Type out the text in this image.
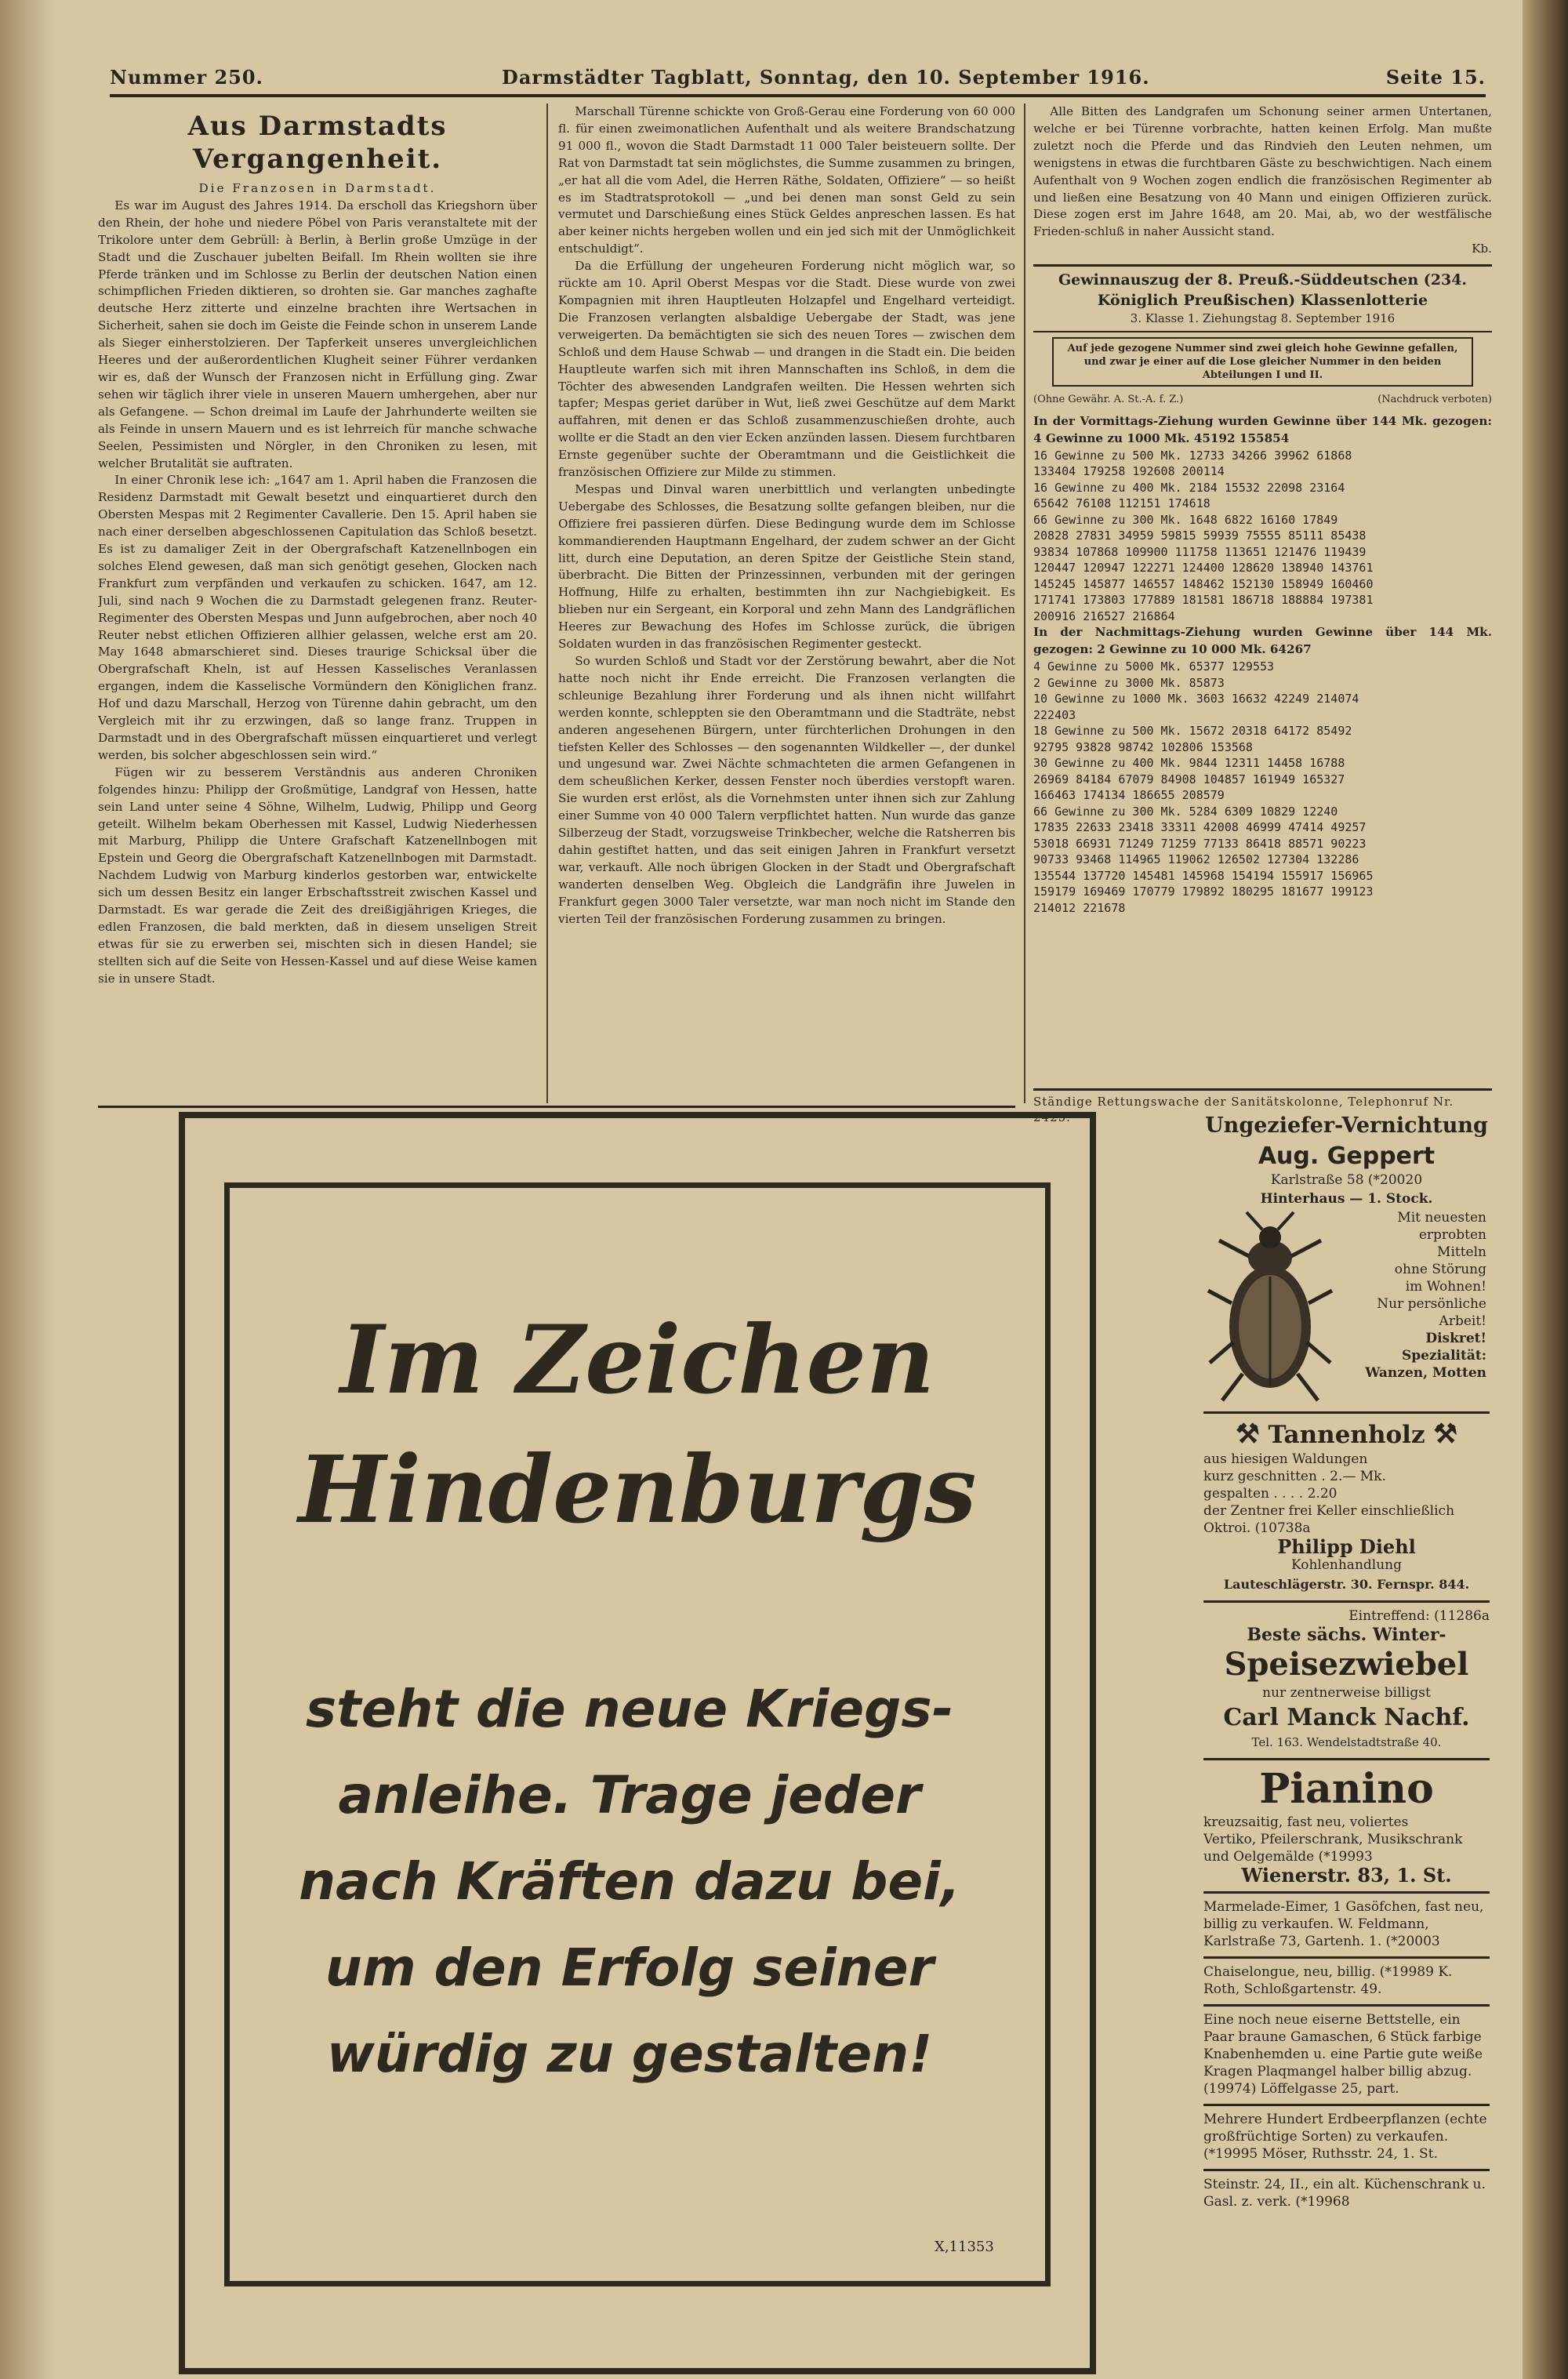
Nummer 250.	Darmstädter Tagblatt, Sonntag, den 10. September 1916.	Seite 15.
Aus Darmstadts Vergangenheit.

Die Franzosen in Darmstadt.

Es war im August des Jahres 1914. Da erscholl das Kriegshorn über den Rhein, der hohe und niedere Pöbel von Paris veranstaltete mit der Trikolore unter dem Gebrüll: à Berlin, à Berlin große Umzüge in der Stadt und die Zuschauer jubelten Beifall. Im Rhein wollten sie ihre Pferde tränken und im Schlosse zu Berlin der deutschen Nation einen schimpflichen Frieden diktieren, so drohten sie. Gar manches zaghafte deutsche Herz zitterte und einzelne brachten ihre Wertsachen in Sicherheit, sahen sie doch im Geiste die Feinde schon in unserem Lande als Sieger einherstolzieren. Der Tapferkeit unseres unvergleichlichen Heeres und der außerordentlichen Klugheit seiner Führer verdanken wir es, daß der Wunsch der Franzosen nicht in Erfüllung ging. Zwar sehen wir täglich ihrer viele in unseren Mauern umhergehen, aber nur als Gefangene. — Schon dreimal im Laufe der Jahrhunderte weilten sie als Feinde in unsern Mauern und es ist lehrreich für manche schwache Seelen, Pessimisten und Nörgler, in den Chroniken zu lesen, mit welcher Brutalität sie auftraten.

In einer Chronik lese ich: „1647 am 1. April haben die Franzosen die Residenz Darmstadt mit Gewalt besetzt und einquartieret durch den Obersten Mespas mit 2 Regimenter Cavallerie. Den 15. April haben sie nach einer derselben abgeschlossenen Capitulation das Schloß besetzt. Es ist zu damaliger Zeit in der Obergrafschaft Katzenellnbogen ein solches Elend gewesen, daß man sich genötigt gesehen, Glocken nach Frankfurt zum verpfänden und verkaufen zu schicken. 1647, am 12. Juli, sind nach 9 Wochen die zu Darmstadt gelegenen franz. Reuter-Regimenter des Obersten Mespas und Junn aufgebrochen, aber noch 40 Reuter nebst etlichen Offizieren allhier gelassen, welche erst am 20. May 1648 abmarschieret sind. Dieses traurige Schicksal über die Obergrafschaft Kheln, ist auf Hessen Kasselisches Veranlassen ergangen, indem die Kasselische Vormündern den Königlichen franz. Hof und dazu Marschall, Herzog von Türenne dahin gebracht, um den Vergleich mit ihr zu erzwingen, daß so lange franz. Truppen in Darmstadt und in des Obergrafschaft müssen einquartieret und verlegt werden, bis solcher abgeschlossen sein wird.“

Fügen wir zu besserem Verständnis aus anderen Chroniken folgendes hinzu: Philipp der Großmütige, Landgraf von Hessen, hatte sein Land unter seine 4 Söhne, Wilhelm, Ludwig, Philipp und Georg geteilt. Wilhelm bekam Oberhessen mit Kassel, Ludwig Niederhessen mit Marburg, Philipp die Untere Grafschaft Katzenellnbogen mit Epstein und Georg die Obergrafschaft Katzenellnbogen mit Darmstadt. Nachdem Ludwig von Marburg kinderlos gestorben war, entwickelte sich um dessen Besitz ein langer Erbschaftsstreit zwischen Kassel und Darmstadt. Es war gerade die Zeit des dreißigjährigen Krieges, die edlen Franzosen, die bald merkten, daß in diesem unseligen Streit etwas für sie zu erwerben sei, mischten sich in diesen Handel; sie stellten sich auf die Seite von Hessen-Kassel und auf diese Weise kamen sie in unsere Stadt.

Marschall Türenne schickte von Groß-Gerau eine Forderung von 60 000 fl. für einen zweimonatlichen Aufenthalt und als weitere Brandschatzung 91 000 fl., wovon die Stadt Darmstadt 11 000 Taler beisteuern sollte. Der Rat von Darmstadt tat sein möglichstes, die Summe zusammen zu bringen, „er hat all die vom Adel, die Herren Räthe, Soldaten, Offiziere“ — so heißt es im Stadtratsprotokoll — „und bei denen man sonst Geld zu sein vermutet und Darschießung eines Stück Geldes anpreschen lassen. Es hat aber keiner nichts hergeben wollen und ein jed sich mit der Unmöglichkeit entschuldigt“.

Da die Erfüllung der ungeheuren Forderung nicht möglich war, so rückte am 10. April Oberst Mespas vor die Stadt. Diese wurde von zwei Kompagnien mit ihren Hauptleuten Holzapfel und Engelhard verteidigt. Die Franzosen verlangten alsbaldige Uebergabe der Stadt, was jene verweigerten. Da bemächtigten sie sich des neuen Tores — zwischen dem Schloß und dem Hause Schwab — und drangen in die Stadt ein. Die beiden Hauptleute warfen sich mit ihren Mannschaften ins Schloß, in dem die Töchter des abwesenden Landgrafen weilten. Die Hessen wehrten sich tapfer; Mespas geriet darüber in Wut, ließ zwei Geschütze auf dem Markt auffahren, mit denen er das Schloß zusammenzuschießen drohte, auch wollte er die Stadt an den vier Ecken anzünden lassen. Diesem furchtbaren Ernste gegenüber suchte der Oberamtmann und die Geistlichkeit die französischen Offiziere zur Milde zu stimmen.

Mespas und Dinval waren unerbittlich und verlangten unbedingte Uebergabe des Schlosses, die Besatzung sollte gefangen bleiben, nur die Offiziere frei passieren dürfen. Diese Bedingung wurde dem im Schlosse kommandierenden Hauptmann Engelhard, der zudem schwer an der Gicht litt, durch eine Deputation, an deren Spitze der Geistliche Stein stand, überbracht. Die Bitten der Prinzessinnen, verbunden mit der geringen Hoffnung, Hilfe zu erhalten, bestimmten ihn zur Nachgiebigkeit. Es blieben nur ein Sergeant, ein Korporal und zehn Mann des Landgräflichen Heeres zur Bewachung des Hofes im Schlosse zurück, die übrigen Soldaten wurden in das französischen Regimenter gesteckt.

So wurden Schloß und Stadt vor der Zerstörung bewahrt, aber die Not hatte noch nicht ihr Ende erreicht. Die Franzosen verlangten die schleunige Bezahlung ihrer Forderung und als ihnen nicht willfahrt werden konnte, schleppten sie den Oberamtmann und die Stadträte, nebst anderen angesehenen Bürgern, unter fürchterlichen Drohungen in den tiefsten Keller des Schlosses — den sogenannten Wildkeller —, der dunkel und ungesund war. Zwei Nächte schmachteten die armen Gefangenen in dem scheußlichen Kerker, dessen Fenster noch überdies verstopft waren. Sie wurden erst erlöst, als die Vornehmsten unter ihnen sich zur Zahlung einer Summe von 40 000 Talern verpflichtet hatten. Nun wurde das ganze Silberzeug der Stadt, vorzugsweise Trinkbecher, welche die Ratsherren bis dahin gestiftet hatten, und das seit einigen Jahren in Frankfurt versetzt war, verkauft. Alle noch übrigen Glocken in der Stadt und Obergrafschaft wanderten denselben Weg. Obgleich die Landgräfin ihre Juwelen in Frankfurt gegen 3000 Taler versetzte, war man noch nicht im Stande den vierten Teil der französischen Forderung zusammen zu bringen.

Alle Bitten des Landgrafen um Schonung seiner armen Untertanen, welche er bei Türenne vorbrachte, hatten keinen Erfolg. Man mußte zuletzt noch die Pferde und das Rindvieh den Leuten nehmen, um wenigstens in etwas die furchtbaren Gäste zu beschwichtigen. Nach einem Aufenthalt von 9 Wochen zogen endlich die französischen Regimenter ab und ließen eine Besatzung von 40 Mann und einigen Offizieren zurück. Diese zogen erst im Jahre 1648, am 20. Mai, ab, wo der westfälische Frieden-schluß in naher Aussicht stand.

Kb.

Gewinnauszug der 8. Preuß.-Süddeutschen (234. Königlich Preußischen) Klassenlotterie

3. Klasse 1. Ziehungstag 8. September 1916

Auf jede gezogene Nummer sind zwei gleich hohe Gewinne gefallen, und zwar je einer auf die Lose gleicher Nummer in den beiden Abteilungen I und II.
(Ohne Gewähr. A. St.-A. f. Z.)	(Nachdruck verboten)

In der Vormittags-Ziehung wurden Gewinne über 144 Mk. gezogen: 4 Gewinne zu 1000 Mk. 45192 155854

16 Gewinne zu 500 Mk. 12733 34266 39962 61868

133404 179258 192608 200114

16 Gewinne zu 400 Mk. 2184 15532 22098 23164

65642 76108 112151 174618

66 Gewinne zu 300 Mk. 1648 6822 16160 17849

20828 27831 34959 59815 59939 75555 85111 85438

93834 107868 109900 111758 113651 121476 119439

120447 120947 122271 124400 128620 138940 143761

145245 145877 146557 148462 152130 158949 160460

171741 173803 177889 181581 186718 188884 197381

200916 216527 216864

In der Nachmittags-Ziehung wurden Gewinne über 144 Mk. gezogen: 2 Gewinne zu 10 000 Mk. 64267

4 Gewinne zu 5000 Mk. 65377 129553

2 Gewinne zu 3000 Mk. 85873

10 Gewinne zu 1000 Mk. 3603 16632 42249 214074

222403

18 Gewinne zu 500 Mk. 15672 20318 64172 85492

92795 93828 98742 102806 153568

30 Gewinne zu 400 Mk. 9844 12311 14458 16788

26969 84184 67079 84908 104857 161949 165327

166463 174134 186655 208579

66 Gewinne zu 300 Mk. 5284 6309 10829 12240

17835 22633 23418 33311 42008 46999 47414 49257

53018 66931 71249 71259 77133 86418 88571 90223

90733 93468 114965 119062 126502 127304 132286

135544 137720 145481 145968 154194 155917 156965

159179 169469 170779 179892 180295 181677 199123

214012 221678

Ständige Rettungswache der Sanitätskolonne, Telephonruf Nr. 2425.
Im Zeichen
Hindenburgs
steht die neue Kriegs-
anleihe. Trage jeder
nach Kräften dazu bei,
um den Erfolg seiner
würdig zu gestalten!
X,11353
Ungeziefer-Vernichtung
Aug. Geppert
Karlstraße 58 (*20020
Hinterhaus — 1. Stock.
Mit neuesten
erprobten
Mitteln
ohne Störung
im Wohnen!
Nur persönliche
Arbeit!
Diskret!
Spezialität:
Wanzen, Motten
⚒ Tannenholz ⚒
aus hiesigen Waldungen
kurz geschnitten . 2.— Mk.
gespalten . . . . 2.20
der Zentner frei Keller einschließlich
Oktroi. (10738a
Philipp Diehl
Kohlenhandlung
Lauteschlägerstr. 30. Fernspr. 844.
Eintreffend: (11286a
Beste sächs. Winter-
Speisezwiebel
nur zentnerweise billigst
Carl Manck Nachf.
Tel. 163. Wendelstadtstraße 40.
Pianino
kreuzsaitig, fast neu, voliertes
Vertiko, Pfeilerschrank, Musikschrank und Oelgemälde (*19993
Wienerstr. 83, 1. St.
Marmelade-Eimer, 1 Gasöfchen, fast neu, billig zu verkaufen. W. Feldmann, Karlstraße 73, Gartenh. 1. (*20003
Chaiselongue, neu, billig. (*19989 K. Roth, Schloßgartenstr. 49.
Eine noch neue eiserne Bettstelle, ein Paar braune Gamaschen, 6 Stück farbige Knabenhemden u. eine Partie gute weiße Kragen Plaqmangel halber billig abzug. (19974) Löffelgasse 25, part.
Mehrere Hundert Erdbeerpflanzen (echte großfrüchtige Sorten) zu verkaufen. (*19995 Möser, Ruthsstr. 24, 1. St.
Steinstr. 24, II., ein alt. Küchenschrank u. Gasl. z. verk. (*19968
